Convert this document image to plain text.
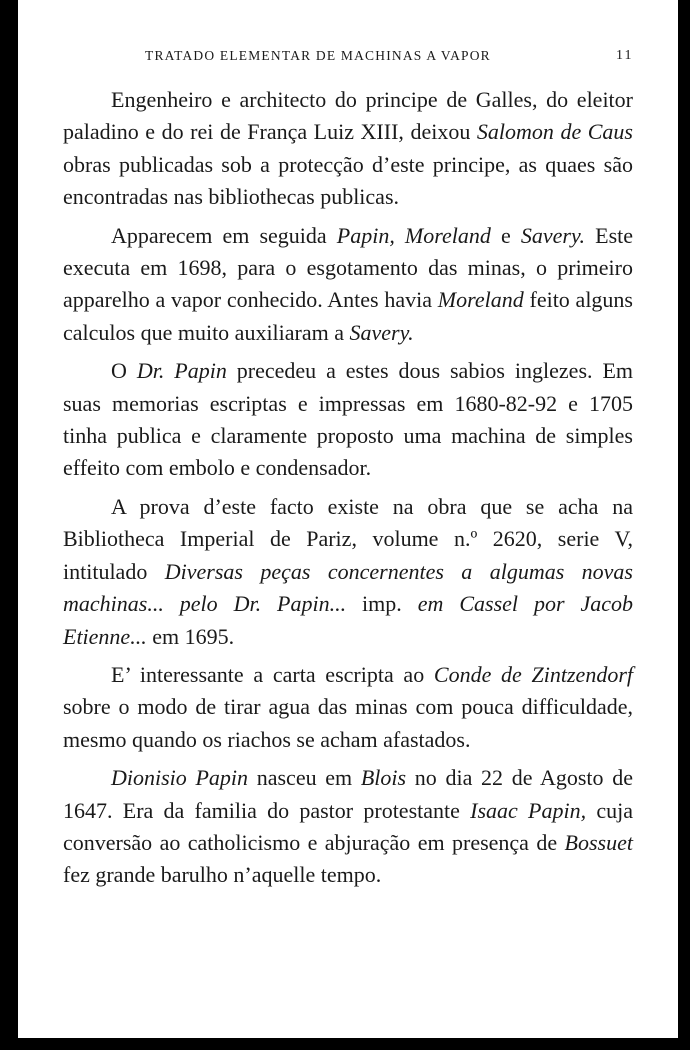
TRATADO ELEMENTAR DE MACHINAS A VAPOR	11

Engenheiro e architecto do principe de Galles, do eleitor paladino e do rei de França Luiz XIII, deixou Salomon de Caus obras publicadas sob a protecção d’este principe, as quaes são encontradas nas bibliothecas publicas.

Apparecem em seguida Papin, Moreland e Savery. Este executa em 1698, para o esgotamento das minas, o primeiro apparelho a vapor conhecido. Antes havia Moreland feito alguns calculos que muito auxiliaram a Savery.

O Dr. Papin precedeu a estes dous sabios inglezes. Em suas memorias escriptas e impressas em 1680-82-92 e 1705 tinha publica e claramente proposto uma machina de simples effeito com embolo e condensador.

A prova d’este facto existe na obra que se acha na Bibliotheca Imperial de Pariz, volume n.º 2620, serie V, intitulado Diversas peças concernentes a algumas novas machinas... pelo Dr. Papin... imp. em Cassel por Jacob Etienne... em 1695.

E’ interessante a carta escripta ao Conde de Zintzendorf sobre o modo de tirar agua das minas com pouca difficuldade, mesmo quando os riachos se acham afastados.

Dionisio Papin nasceu em Blois no dia 22 de Agosto de 1647. Era da familia do pastor protestante Isaac Papin, cuja conversão ao catholicismo e abjuração em presença de Bossuet fez grande barulho n’aquelle tempo.
